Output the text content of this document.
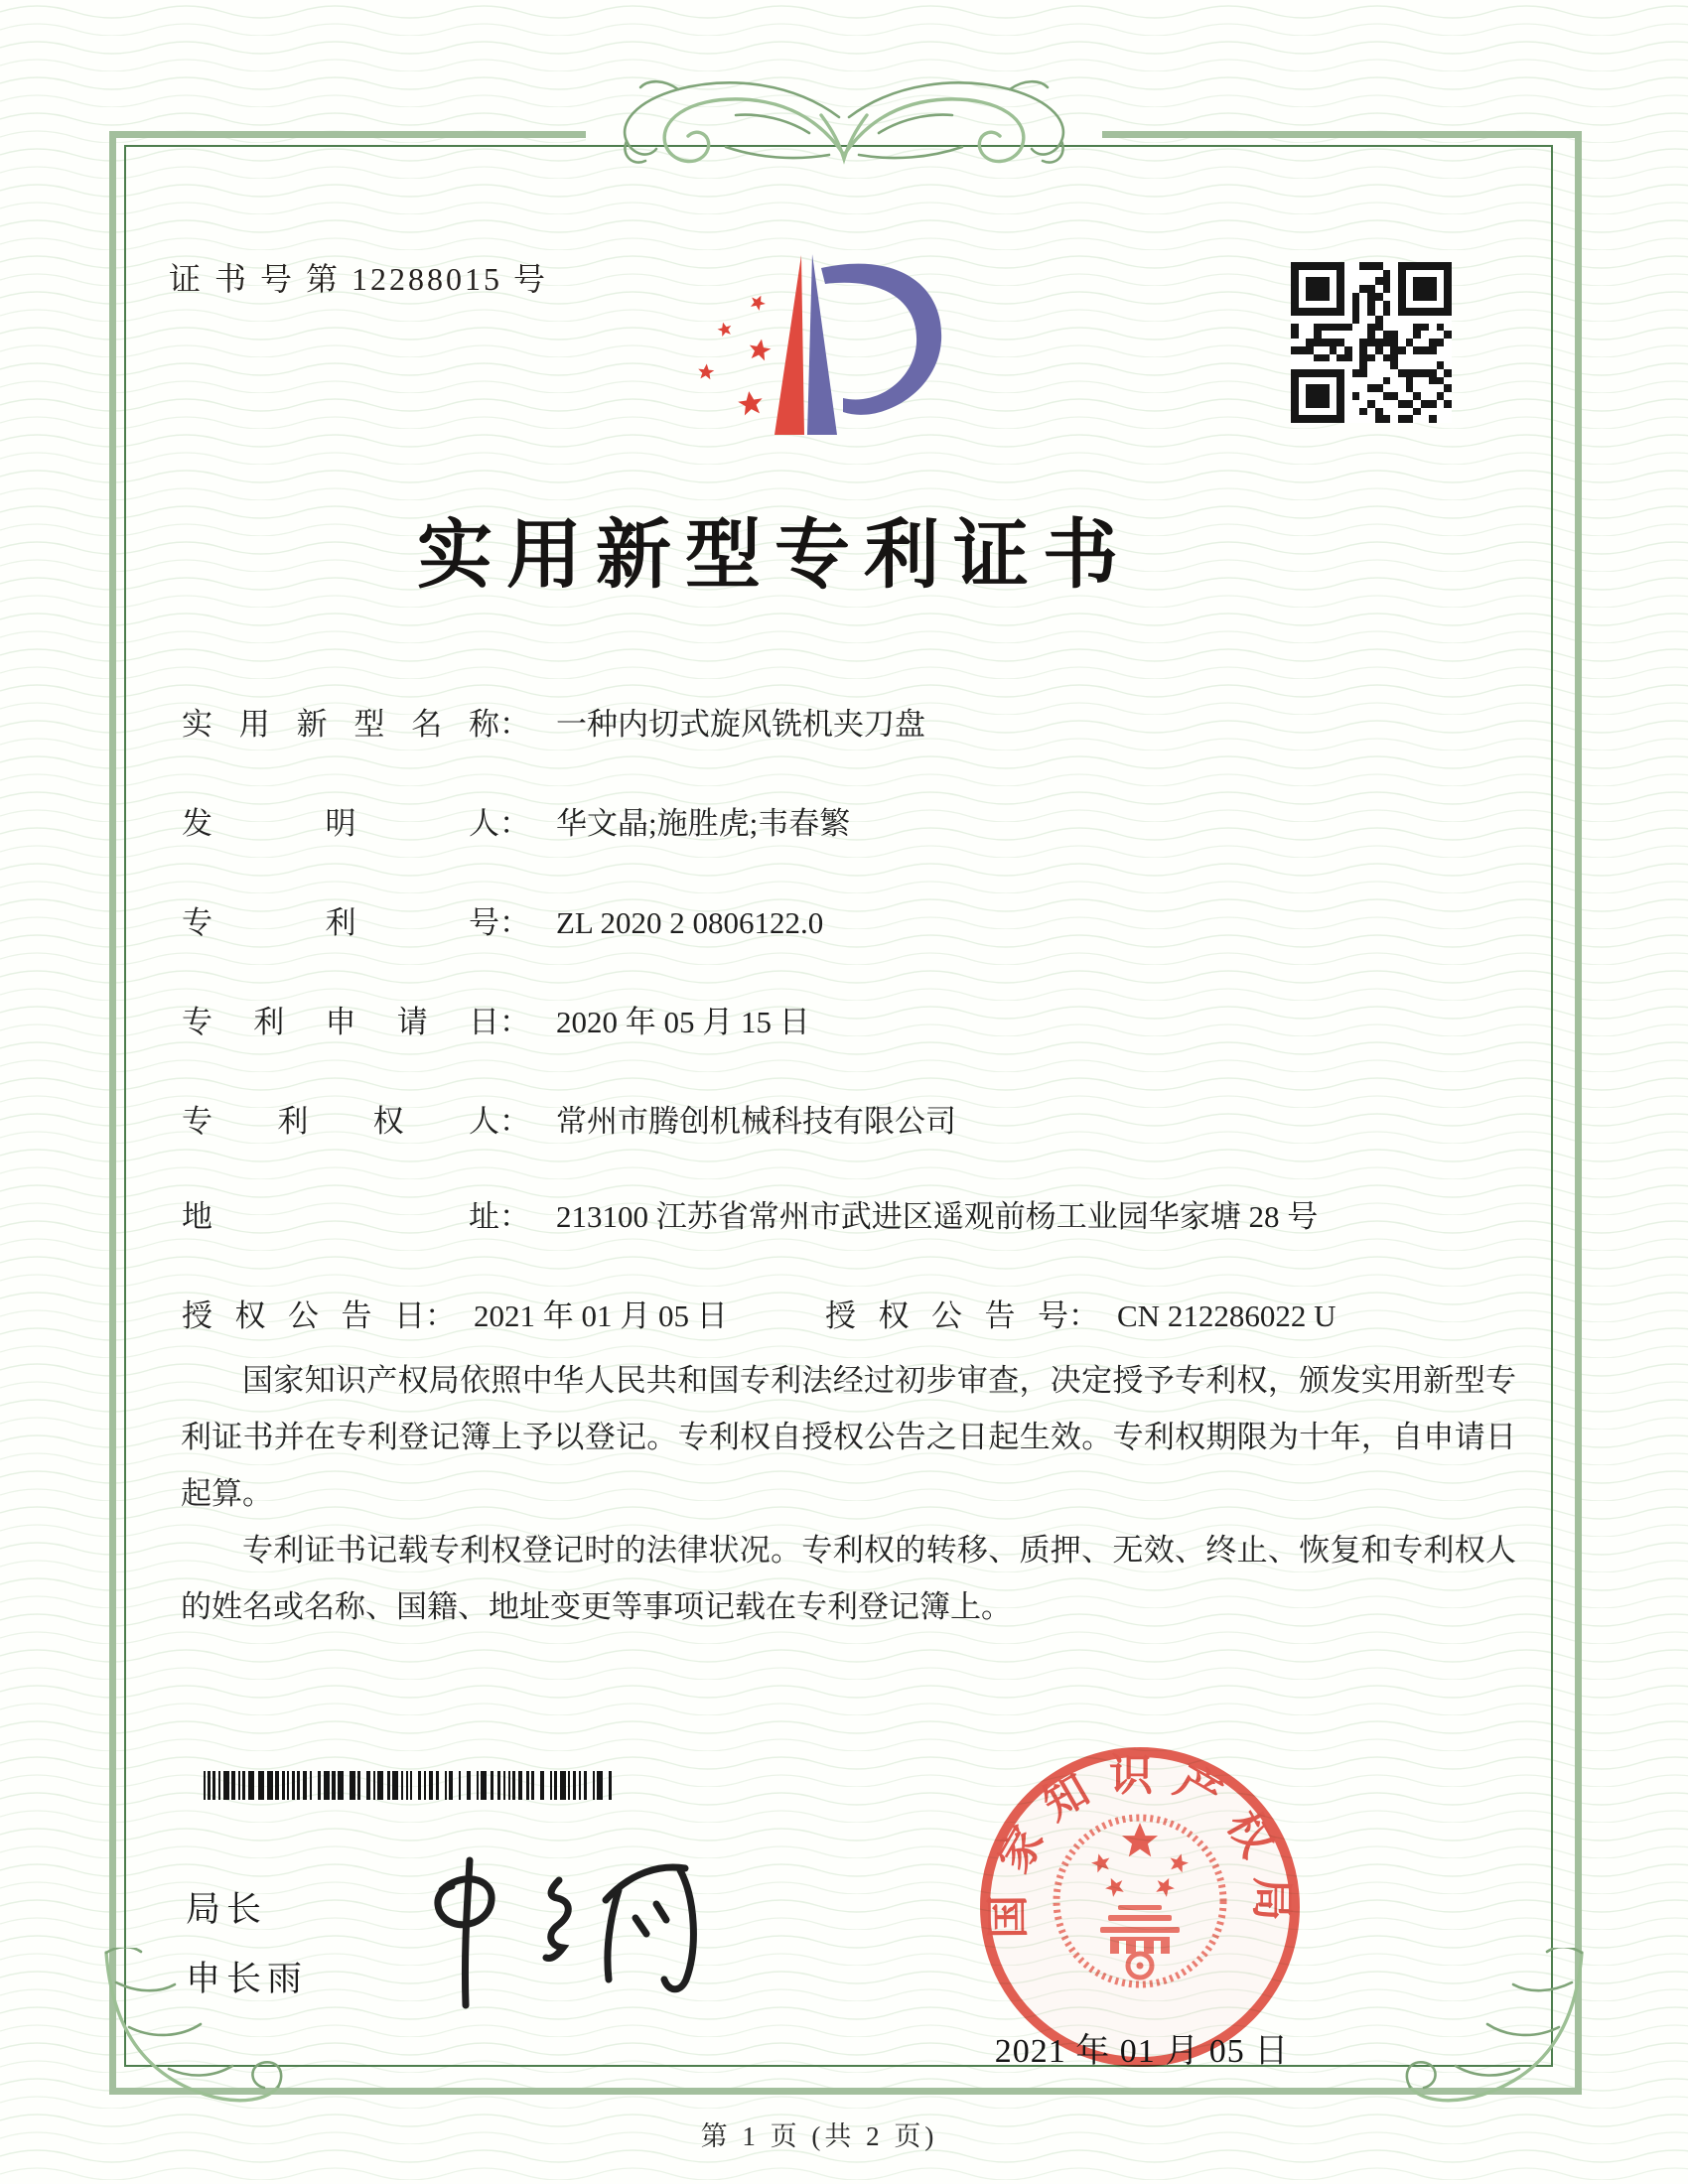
证 书 号 第 12288015 号
实用新型专利证书
实用新型名称： 一种内切式旋风铣机夹刀盘
发明人： 华文晶;施胜虎;韦春繁
专利号： ZL 2020 2 0806122.0
专利申请日： 2020 年 05 月 15 日
专利权人： 常州市腾创机械科技有限公司
地址： 213100 江苏省常州市武进区遥观前杨工业园华家塘 28 号
授权公告日： 2021 年 01 月 05 日	授权公告号： CN 212286022 U

国家知识产权局依照中华人民共和国专利法经过初步审查，决定授予专利权，颁发实用新型专利证书并在专利登记簿上予以登记。专利权自授权公告之日起生效。专利权期限为十年，自申请日起算。

专利证书记载专利权登记时的法律状况。专利权的转移、质押、无效、终止、恢复和专利权人的姓名或名称、国籍、地址变更等事项记载在专利登记簿上。

局长
申长雨
国家知识产权局
2021 年 01 月 05 日
第 1 页 (共 2 页)
